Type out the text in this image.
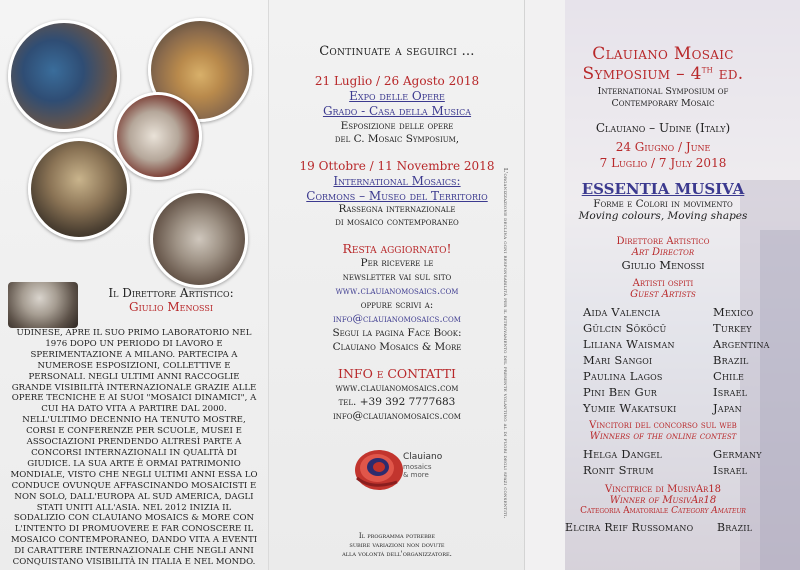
Il Direttore Artistico:
Giulio Menossi
UDINESE, APRE IL SUO PRIMO LABORATORIO NEL 1976 DOPO UN PERIODO DI LAVORO E SPERIMENTAZIONE A MILANO. PARTECIPA A NUMEROSE ESPOSIZIONI, COLLETTIVE E PERSONALI. NEGLI ULTIMI ANNI RACCOGLIE GRANDE VISIBILITÀ INTERNAZIONALE GRAZIE ALLE OPERE TECNICHE E AI SUOI "MOSAICI DINAMICI", A CUI HA DATO VITA A PARTIRE DAL 2000. NELL'ULTIMO DECENNIO HA TENUTO MOSTRE, CORSI E CONFERENZE PER SCUOLE, MUSEI E ASSOCIAZIONI PRENDENDO ALTRESÌ PARTE A CONCORSI INTERNAZIONALI IN QUALITÀ DI GIUDICE. LA SUA ARTE È ORMAI PATRIMONIO MONDIALE, VISTO CHE NEGLI ULTIMI ANNI ESSA LO CONDUCE OVUNQUE AFFASCINANDO MOSAICISTI E NON SOLO, DALL'EUROPA AL SUD AMERICA, DAGLI STATI UNITI ALL'ASIA. NEL 2012 INIZIA IL SODALIZIO CON CLAUIANO MOSAICS & MORE CON L'INTENTO DI PROMUOVERE E FAR CONOSCERE IL MOSAICO CONTEMPORANEO, DANDO VITA A EVENTI DI CARATTERE INTERNAZIONALE CHE NEGLI ANNI CONQUISTANO VISIBILITÀ IN ITALIA E NEL MONDO.
Continuate a seguirci …
21 Luglio / 26 Agosto 2018
Expo delle Opere
Grado - Casa della Musica
Esposizione delle opere
del C. Mosaic Symposium,
19 Ottobre / 11 Novembre 2018
International Mosaics:
Cormons – Museo del Territorio
Rassegna internazionale
di mosaico contemporaneo
Resta aggiornato!
Per ricevere le
newsletter vai sul sito
www.clauianomosaics.com
oppure scrivi a:
info@clauianomosaics.com
Segui la pagina Face Book:
Clauiano Mosaics & More
INFO e CONTATTI
www.clauianomosaics.com
tel. +39 392 7777683
info@clauianomosaics.com
Clauiano
mosaics
& more
Il programma potrebbe
subire variazioni non dovute
alla volontà dell'organizzatore.
L'organizzazione declina ogni responsabilità per il ritrovamento del presente volantino al di fuori degli spazi consentiti.
Clauiano Mosaic
Symposium – 4th ed.
International Symposium of
Contemporary Mosaic
Clauiano – Udine (Italy)
24 Giugno / June
7 Luglio / 7 July 2018
ESSENTIA MUSIVA
Forme e Colori in movimento
Moving colours, Moving shapes
Direttore Artistico
Art Director
Giulio Menossi
Artisti ospiti
Guest Artists
Aida Valencia	Mexico
Gülcin Sököcü	Turkey
Liliana Waisman	Argentina
Mari Sangoi	Brazil
Paulina Lagos	Chile
Pini Ben Gur	Israel
Yumie Wakatsuki	Japan
Vincitori del concorso sul web
Winners of the online contest
Helga Dangel	Germany
Ronit Strum	Israel
Vincitrice di MusivAr18
Winner of MusivAr18
Categoria Amatoriale Category Amateur
Elcira Reif Russomano Brazil
